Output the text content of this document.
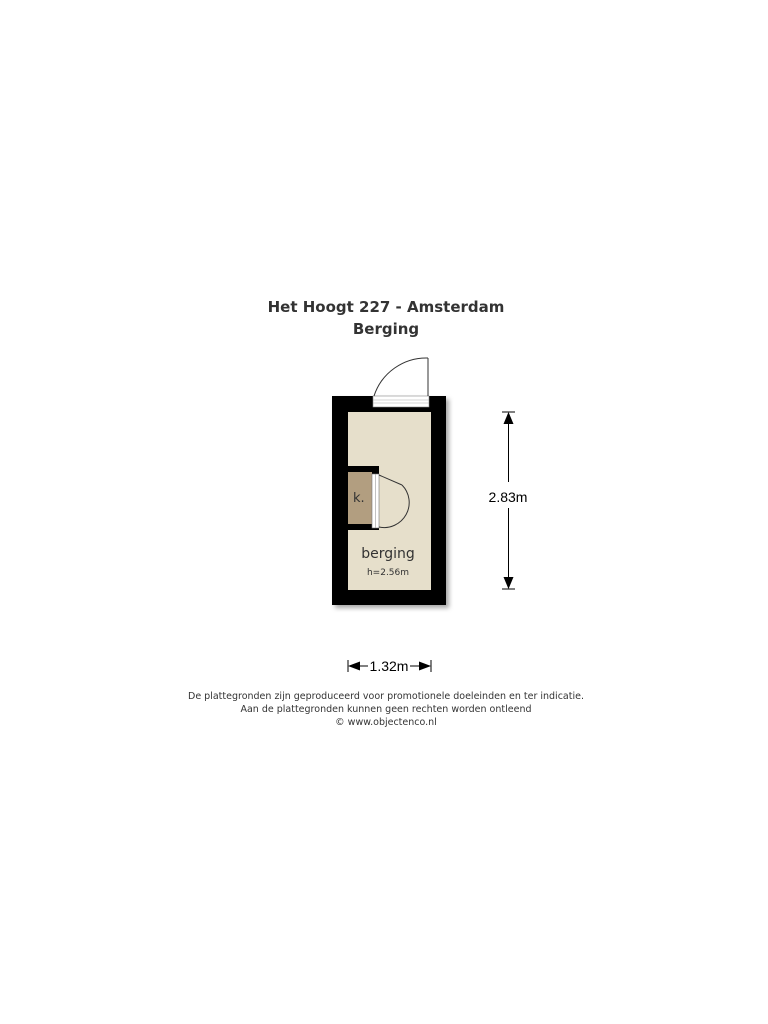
Het Hoogt 227 - Amsterdam
Berging
k.
berging
h=2.56m
2.83m
1.32m
De plattegronden zijn geproduceerd voor promotionele doeleinden en ter indicatie.
Aan de plattegronden kunnen geen rechten worden ontleend
© www.objectenco.nl
